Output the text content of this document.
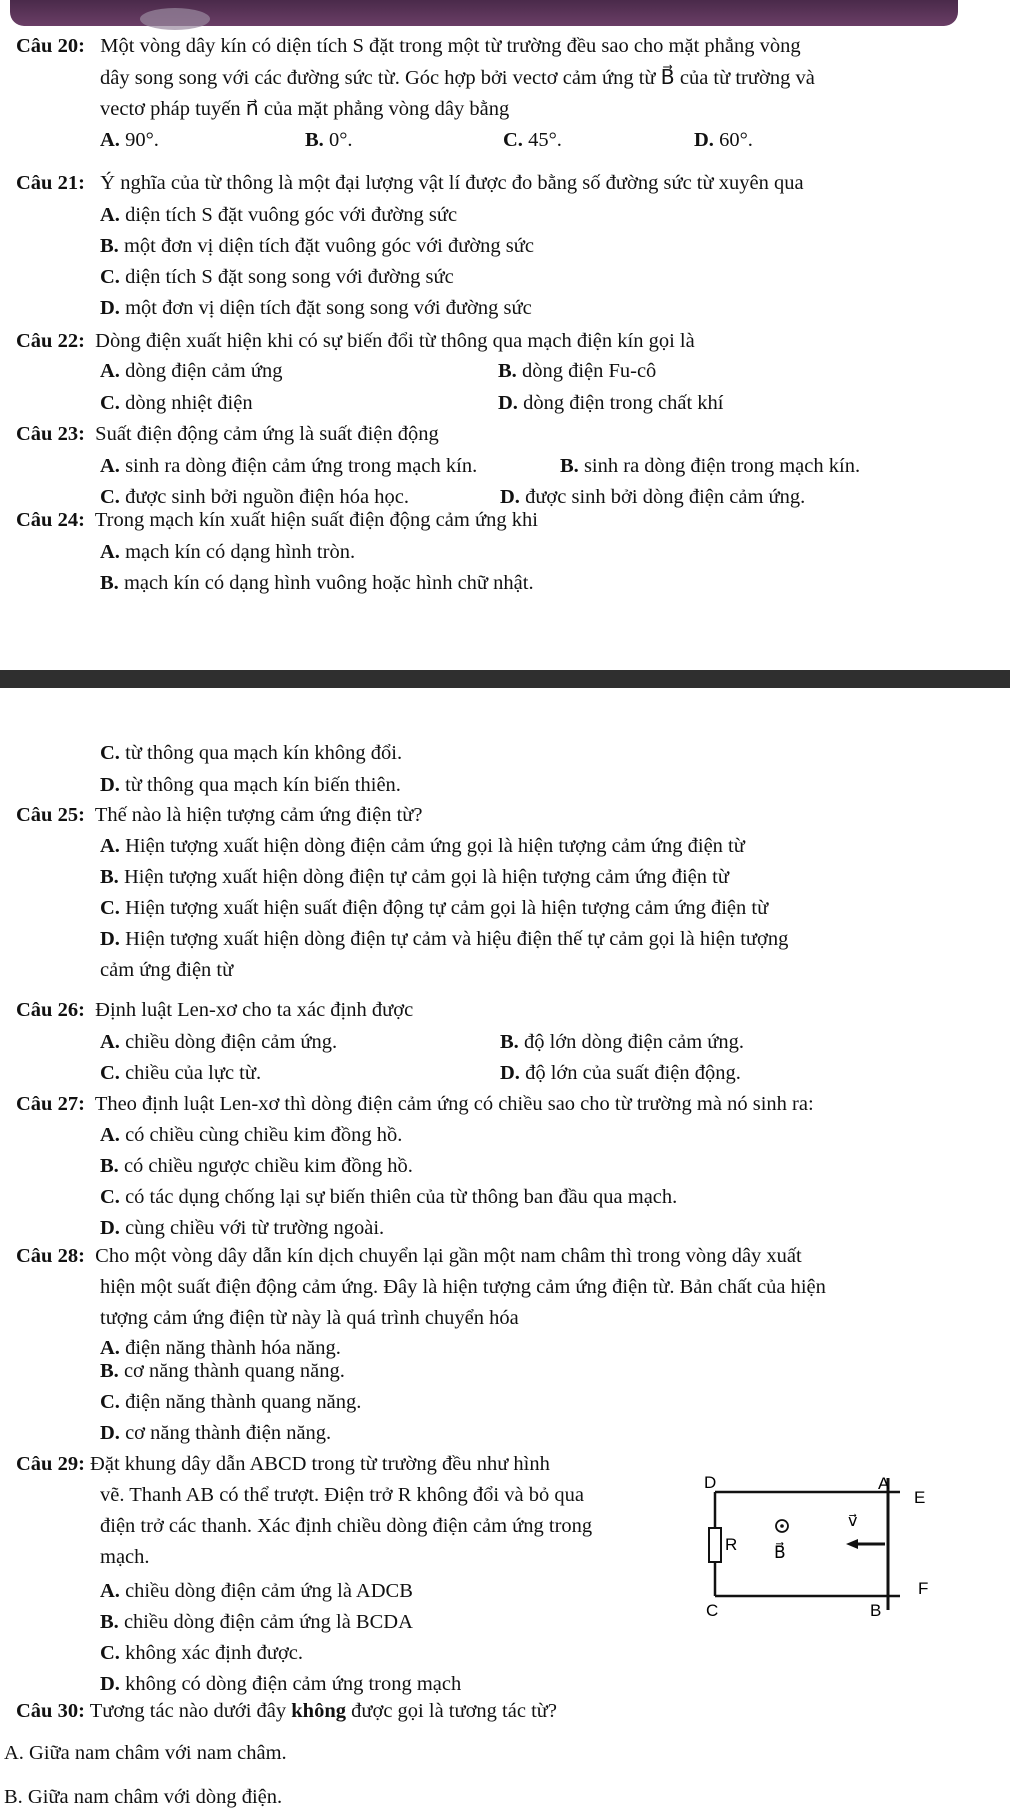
Câu 20: Một vòng dây kín có diện tích S đặt trong một từ trường đều sao cho mặt phẳng vòng
dây song song với các đường sức từ. Góc hợp bởi vectơ cảm ứng từ B⃗ của từ trường và
vectơ pháp tuyến n⃗ của mặt phẳng vòng dây bằng
A. 90°.	B. 0°.	C. 45°.	D. 60°.
Câu 21: Ý nghĩa của từ thông là một đại lượng vật lí được đo bằng số đường sức từ xuyên qua
A. diện tích S đặt vuông góc với đường sức
B. một đơn vị diện tích đặt vuông góc với đường sức
C. diện tích S đặt song song với đường sức
D. một đơn vị diện tích đặt song song với đường sức
Câu 22: Dòng điện xuất hiện khi có sự biến đổi từ thông qua mạch điện kín gọi là
A. dòng điện cảm ứng	B. dòng điện Fu-cô
C. dòng nhiệt điện	D. dòng điện trong chất khí
Câu 23: Suất điện động cảm ứng là suất điện động
A. sinh ra dòng điện cảm ứng trong mạch kín.	B. sinh ra dòng điện trong mạch kín.
C. được sinh bởi nguồn điện hóa học.	D. được sinh bởi dòng điện cảm ứng.
Câu 24: Trong mạch kín xuất hiện suất điện động cảm ứng khi
A. mạch kín có dạng hình tròn.
B. mạch kín có dạng hình vuông hoặc hình chữ nhật.
C. từ thông qua mạch kín không đổi.
D. từ thông qua mạch kín biến thiên.
Câu 25: Thế nào là hiện tượng cảm ứng điện từ?
A. Hiện tượng xuất hiện dòng điện cảm ứng gọi là hiện tượng cảm ứng điện từ
B. Hiện tượng xuất hiện dòng điện tự cảm gọi là hiện tượng cảm ứng điện từ
C. Hiện tượng xuất hiện suất điện động tự cảm gọi là hiện tượng cảm ứng điện từ
D. Hiện tượng xuất hiện dòng điện tự cảm và hiệu điện thế tự cảm gọi là hiện tượng
cảm ứng điện từ
Câu 26: Định luật Len-xơ cho ta xác định được
A. chiều dòng điện cảm ứng.	B. độ lớn dòng điện cảm ứng.
C. chiều của lực từ.	D. độ lớn của suất điện động.
Câu 27: Theo định luật Len-xơ thì dòng điện cảm ứng có chiều sao cho từ trường mà nó sinh ra:
A. có chiều cùng chiều kim đồng hồ.
B. có chiều ngược chiều kim đồng hồ.
C. có tác dụng chống lại sự biến thiên của từ thông ban đầu qua mạch.
D. cùng chiều với từ trường ngoài.
Câu 28: Cho một vòng dây dẫn kín dịch chuyển lại gần một nam châm thì trong vòng dây xuất
hiện một suất điện động cảm ứng. Đây là hiện tượng cảm ứng điện từ. Bản chất của hiện
tượng cảm ứng điện từ này là quá trình chuyển hóa
A. điện năng thành hóa năng.
B. cơ năng thành quang năng.
C. điện năng thành quang năng.
D. cơ năng thành điện năng.
Câu 29: Đặt khung dây dẫn ABCD trong từ trường đều như hình
vẽ. Thanh AB có thể trượt. Điện trở R không đổi và bỏ qua
điện trở các thanh. Xác định chiều dòng điện cảm ứng trong
mạch.
A. chiều dòng điện cảm ứng là ADCB
B. chiều dòng điện cảm ứng là BCDA
C. không xác định được.
D. không có dòng điện cảm ứng trong mạch
D	A
E
R B⃗
v⃗
C	B
F
Câu 30: Tương tác nào dưới đây không được gọi là tương tác từ?
A. Giữa nam châm với nam châm.
B. Giữa nam châm với dòng điện.
